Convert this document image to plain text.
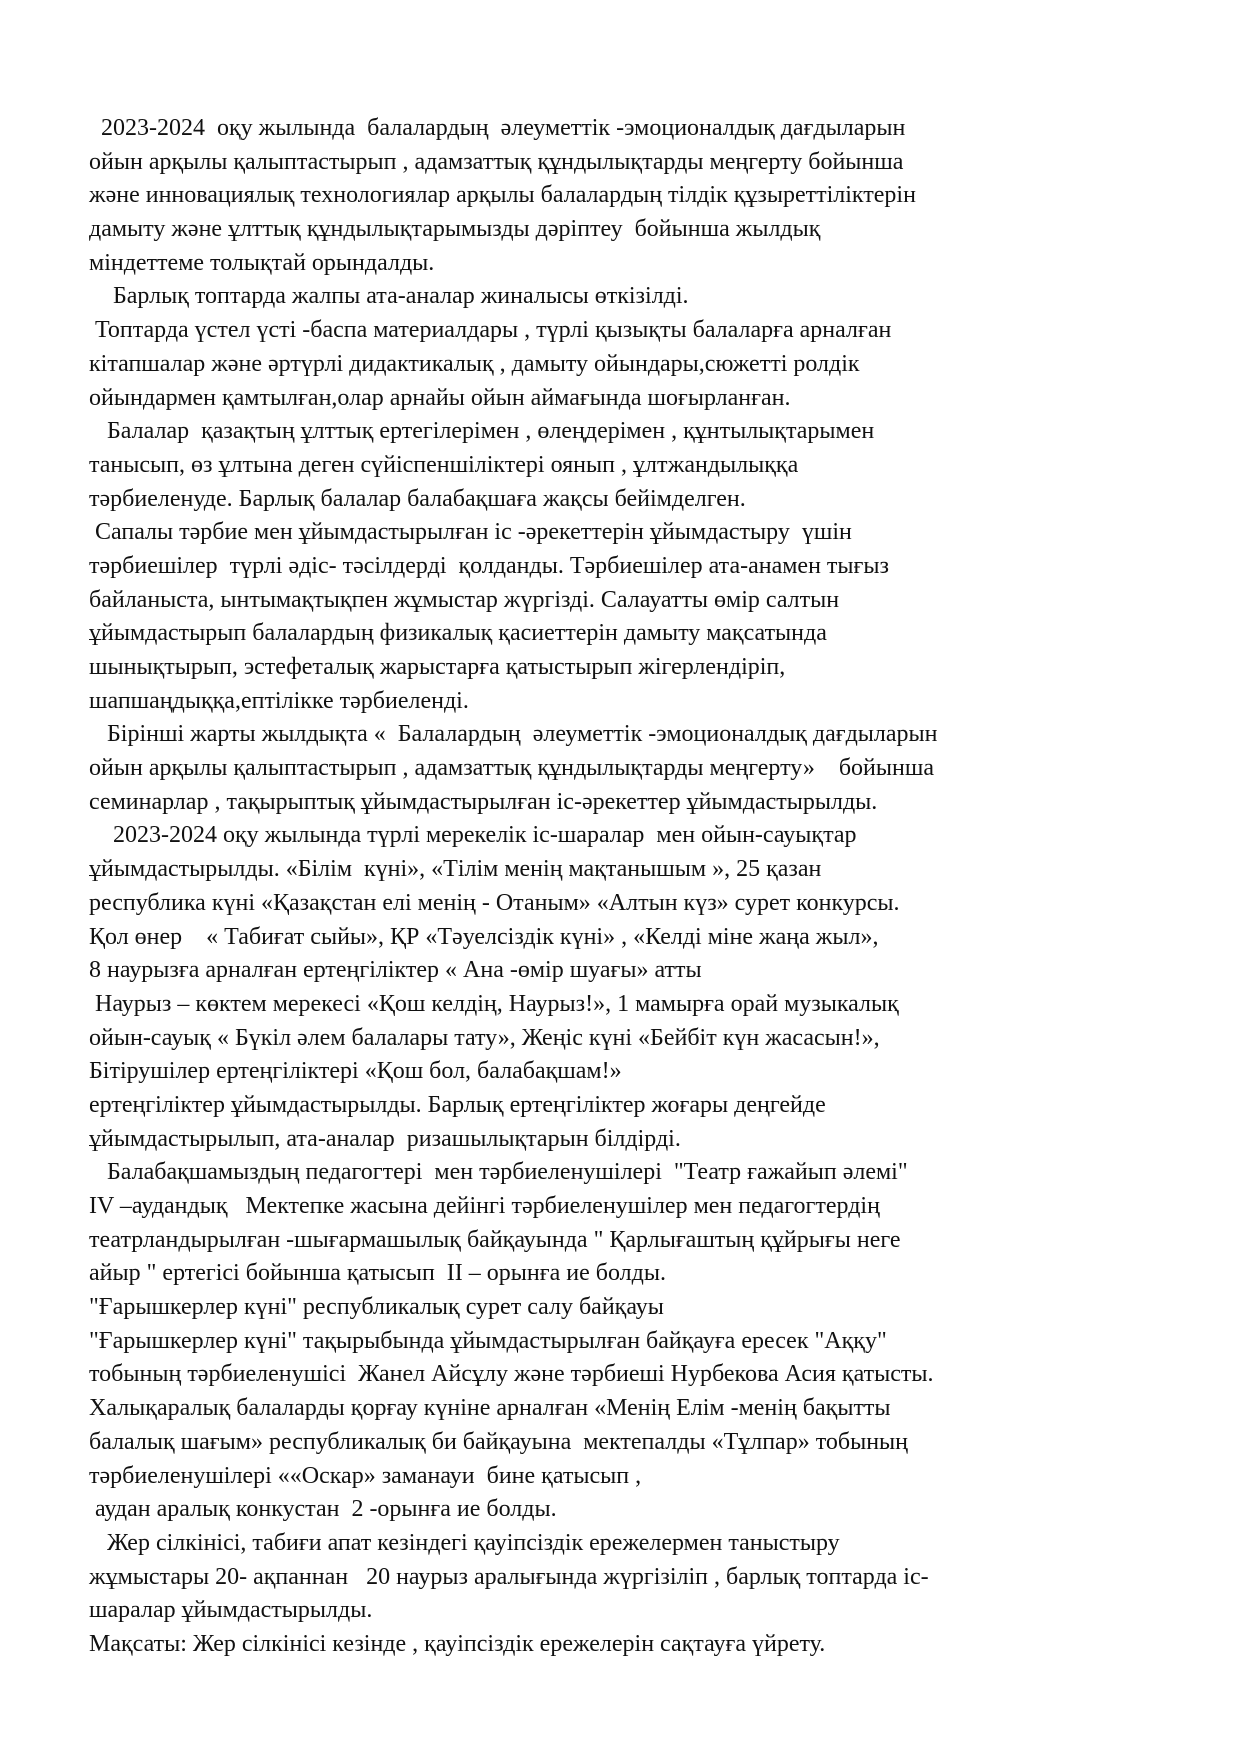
2023-2024  оқу жылында  балалардың  әлеуметтік -эмоционалдық дағдыларын
ойын арқылы қалыптастырып , адамзаттық құндылықтарды меңгерту бойынша
және инновациялық технологиялар арқылы балалардың тілдік құзыреттіліктерін
дамыту және ұлттық құндылықтарымызды дәріптеу  бойынша жылдық
міндеттеме толықтай орындалды.
Барлық топтарда жалпы ата-аналар жиналысы өткізілді.
Топтарда үстел үсті -баспа материалдары , түрлі қызықты балаларға арналған
кітапшалар және әртүрлі дидактикалық , дамыту ойындары,сюжетті ролдік
ойындармен қамтылған,олар арнайы ойын аймағында шоғырланған.
Балалар  қазақтың ұлттық ертегілерімен , өлеңдерімен , құнтылықтарымен
танысып, өз ұлтына деген сүйіспеншіліктері оянып , ұлтжандылыққа
тәрбиеленуде. Барлық балалар балабақшаға жақсы бейімделген.
Сапалы тәрбие мен ұйымдастырылған іс -әрекеттерін ұйымдастыру  үшін
тәрбиешілер  түрлі әдіс- тәсілдерді  қолданды. Тәрбиешілер ата-анамен тығыз
байланыста, ынтымақтықпен жұмыстар жүргізді. Салауатты өмір салтын
ұйымдастырып балалардың физикалық қасиеттерін дамыту мақсатында
шынықтырып, эстефеталық жарыстарға қатыстырып жігерлендіріп,
шапшаңдыққа,ептілікке тәрбиеленді.
Бірінші жарты жылдықта «  Балалардың  әлеуметтік -эмоционалдық дағдыларын
ойын арқылы қалыптастырып , адамзаттық құндылықтарды меңгерту»    бойынша
семинарлар , тақырыптық ұйымдастырылған іс-әрекеттер ұйымдастырылды.
2023-2024 оқу жылында түрлі мерекелік іс-шаралар  мен ойын-сауықтар
ұйымдастырылды. «Білім  күні», «Тілім менің мақтанышым », 25 қазан
республика күні «Қазақстан елі менің - Отаным» «Алтын күз» сурет конкурсы.
Қол өнер    « Табиғат сыйы», ҚР «Тәуелсіздік күні» , «Келді міне жаңа жыл»,
8 наурызға арналған ертеңгіліктер « Ана -өмір шуағы» атты
Наурыз – көктем мерекесі «Қош келдің, Наурыз!», 1 мамырға орай музыкалық
ойын-сауық « Бүкіл әлем балалары тату», Жеңіс күні «Бейбіт күн жасасын!»,
Бітірушілер ертеңгіліктері «Қош бол, балабақшам!»
ертеңгіліктер ұйымдастырылды. Барлық ертеңгіліктер жоғары деңгейде
ұйымдастырылып, ата-аналар  ризашылықтарын білдірді.
Балабақшамыздың педагогтері  мен тәрбиеленушілері  "Театр ғажайып әлемі"
IV –аудандық   Мектепке жасына дейінгі тәрбиеленушілер мен педагогтердің
театрландырылған -шығармашылық байқауында " Қарлығаштың құйрығы неге
айыр " ертегісі бойынша қатысып  II – орынға ие болды.
"Ғарышкерлер күні" республикалық сурет салу байқауы
"Ғарышкерлер күні" тақырыбында ұйымдастырылған байқауға ересек "Аққу"
тобының тәрбиеленушісі  Жанел Айсұлу және тәрбиеші Нурбекова Асия қатысты.
Халықаралық балаларды қорғау күніне арналған «Менің Елім -менің бақытты
балалық шағым» республикалық би байқауына  мектепалды «Тұлпар» тобының
тәрбиеленушілері ««Оскар» заманауи  бине қатысып ,
аудан аралық конкустан  2 -орынға ие болды.
Жер сілкінісі, табиғи апат кезіндегі қауіпсіздік ережелермен таныстыру
жұмыстары 20- ақпаннан   20 наурыз аралығында жүргізіліп , барлық топтарда іс-
шаралар ұйымдастырылды.
Мақсаты: Жер сілкінісі кезінде , қауіпсіздік ережелерін сақтауға үйрету.
